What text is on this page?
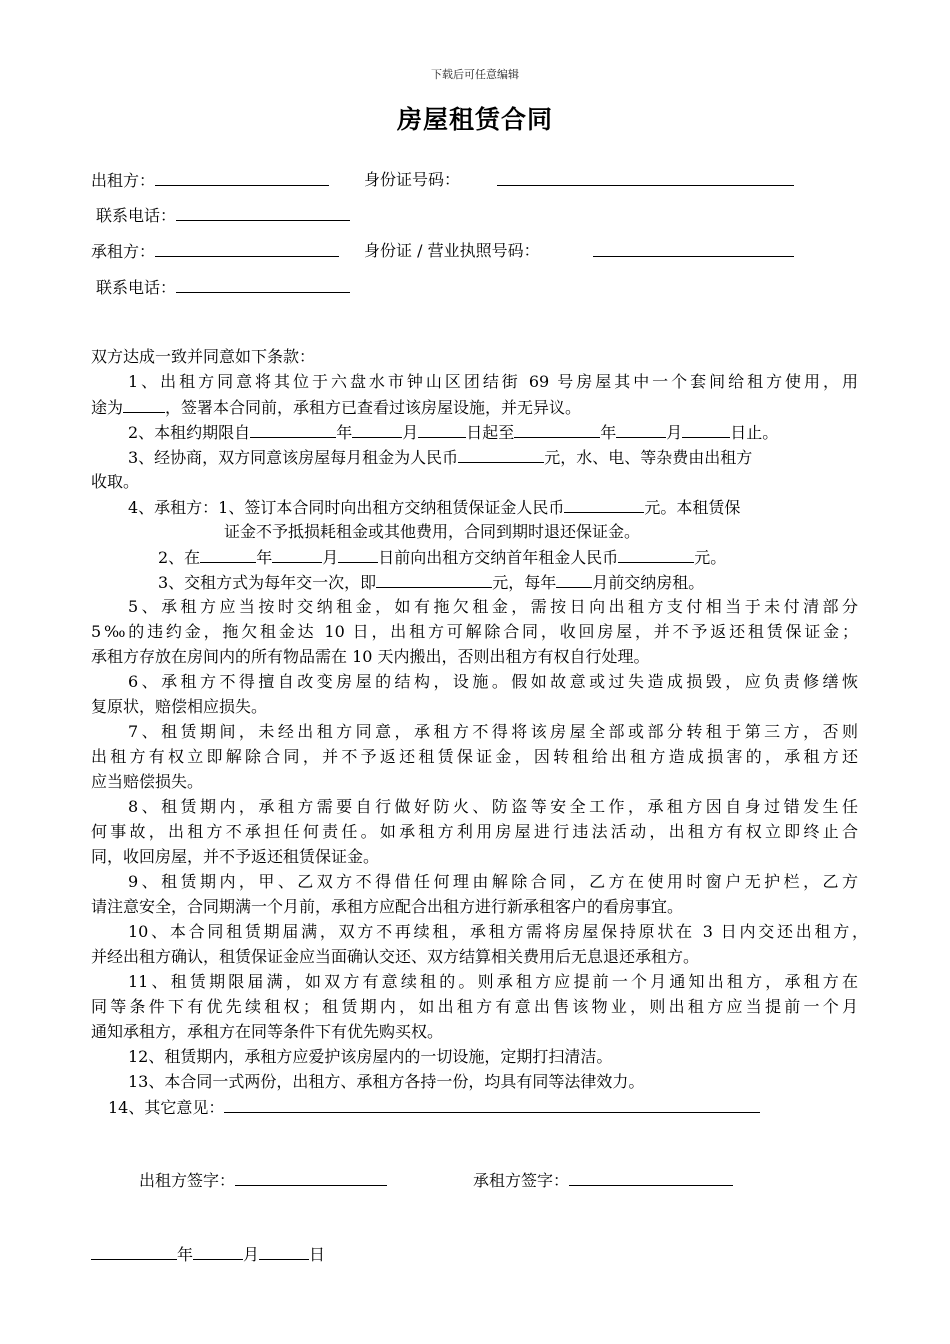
下载后可任意编辑
房屋租赁合同
出租方：	身份证号码：
联系电话：
承租方：	身份证 / 营业执照号码：
联系电话：
双方达成一致并同意如下条款：
1、出租方同意将其位于六盘水市钟山区团结街 69 号房屋其中一个套间给租方使用，用
途为	，签署本合同前，承租方已查看过该房屋设施，并无异议。
2、本租约期限自	年	月	日起至	年	月	日止。
3、经协商，双方同意该房屋每月租金为人民币	元，水、电、等杂费由出租方
收取。
4、承租方：1、签订本合同时向出租方交纳租赁保证金人民币	元。本租赁保
证金不予抵损耗租金或其他费用，合同到期时退还保证金。
2、在	年	月	日前向出租方交纳首年租金人民币	元。
3、交租方式为每年交一次，即	元，每年 月前交纳房租。
5、承租方应当按时交纳租金，如有拖欠租金，需按日向出租方支付相当于未付清部分
5‰的违约金，拖欠租金达 10 日，出租方可解除合同，收回房屋，并不予返还租赁保证金；
承租方存放在房间内的所有物品需在 10 天内搬出，否则出租方有权自行处理。
6、承租方不得擅自改变房屋的结构，设施。假如故意或过失造成损毁，应负责修缮恢
复原状，赔偿相应损失。
7、租赁期间，未经出租方同意，承租方不得将该房屋全部或部分转租于第三方，否则
出租方有权立即解除合同，并不予返还租赁保证金，因转租给出租方造成损害的，承租方还
应当赔偿损失。
8、租赁期内，承租方需要自行做好防火、防盗等安全工作，承租方因自身过错发生任
何事故，出租方不承担任何责任。如承租方利用房屋进行违法活动，出租方有权立即终止合
同，收回房屋，并不予返还租赁保证金。
9、租赁期内，甲、乙双方不得借任何理由解除合同，乙方在使用时窗户无护栏，乙方
请注意安全，合同期满一个月前，承租方应配合出租方进行新承租客户的看房事宜。
10、本合同租赁期届满，双方不再续租，承租方需将房屋保持原状在 3 日内交还出租方，
并经出租方确认，租赁保证金应当面确认交还、双方结算相关费用后无息退还承租方。
11、租赁期限届满，如双方有意续租的。则承租方应提前一个月通知出租方，承租方在
同等条件下有优先续租权；租赁期内，如出租方有意出售该物业，则出租方应当提前一个月
通知承租方，承租方在同等条件下有优先购买权。
12、租赁期内，承租方应爱护该房屋内的一切设施，定期打扫清洁。
13、本合同一式两份，出租方、承租方各持一份，均具有同等法律效力。
14、其它意见：
出租方签字：	承租方签字：
年	月	日
